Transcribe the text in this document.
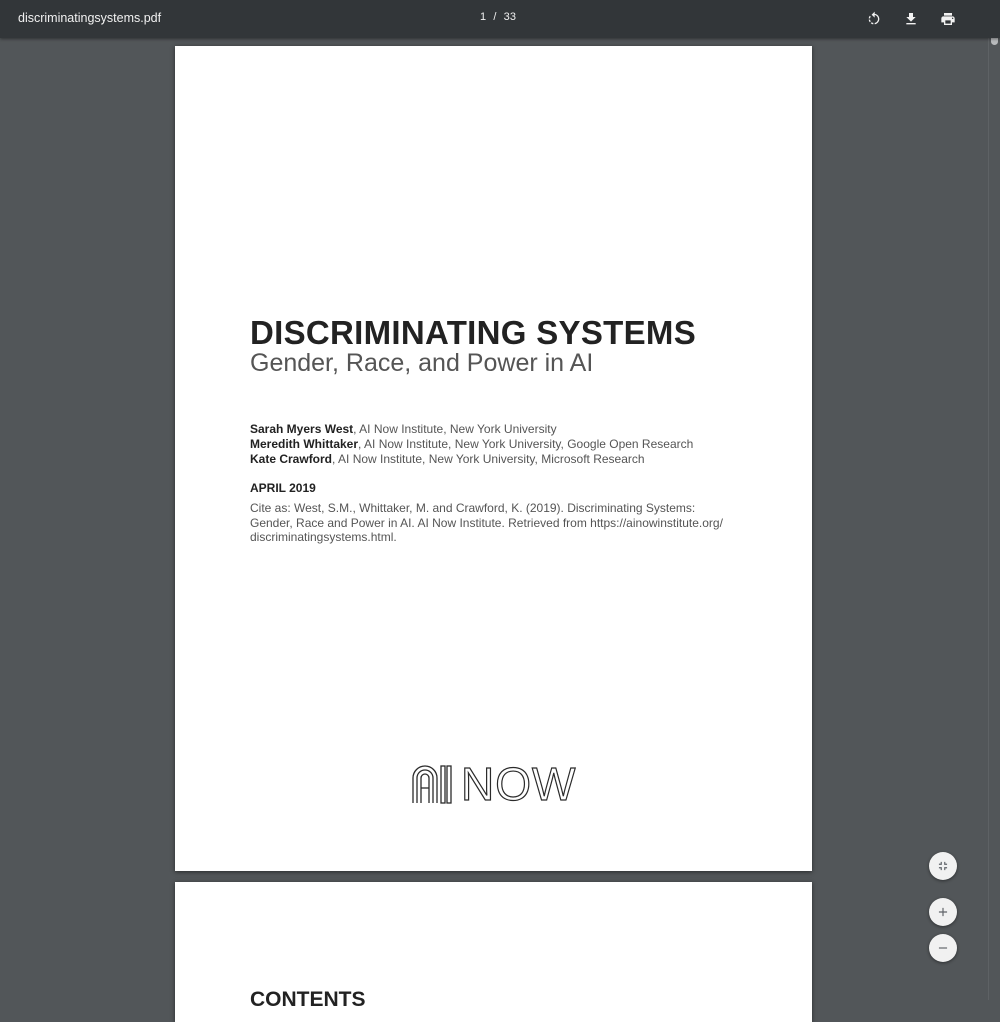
discriminatingsystems.pdf	1 / 33
DISCRIMINATING SYSTEMS
Gender, Race, and Power in AI
Sarah Myers West, AI Now Institute, New York University
Meredith Whittaker, AI Now Institute, New York University, Google Open Research
Kate Crawford, AI Now Institute, New York University, Microsoft Research
APRIL 2019
Cite as: West, S.M., Whittaker, M. and Crawford, K. (2019). Discriminating Systems:
Gender, Race and Power in AI. AI Now Institute. Retrieved from https://ainowinstitute.org/
discriminatingsystems.html.
NOW
CONTENTS
